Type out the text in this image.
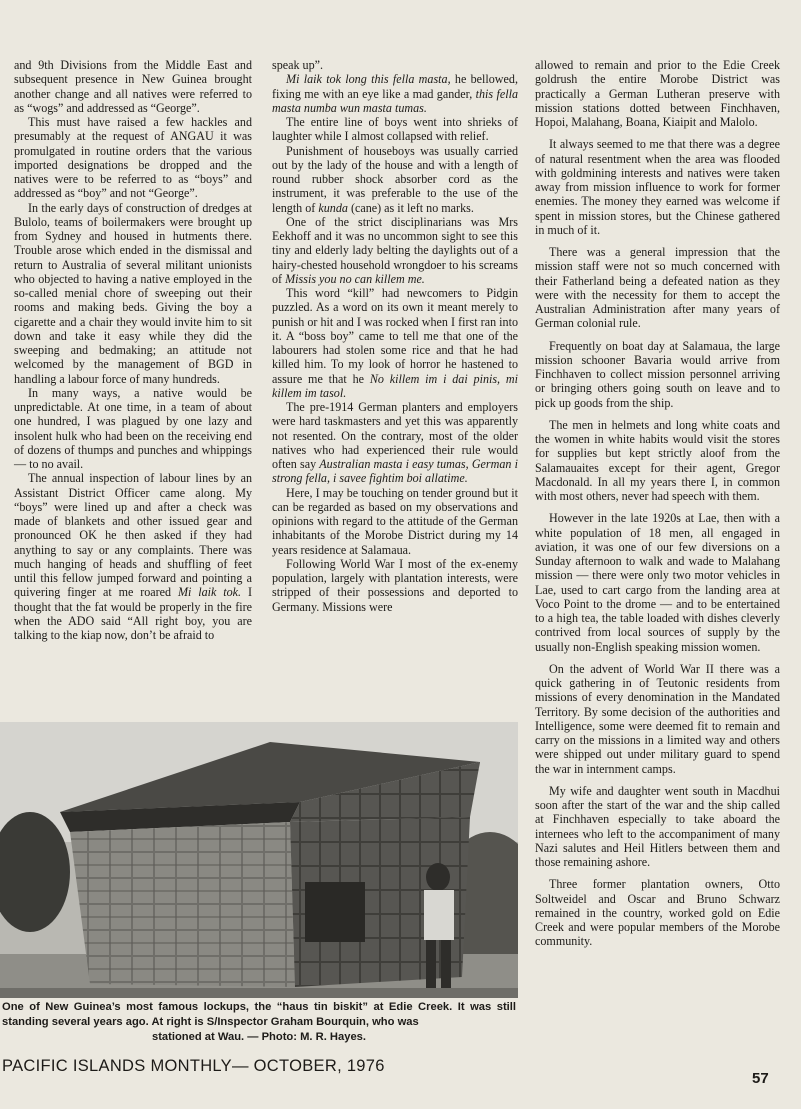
and 9th Divisions from the Middle East and subsequent presence in New Guinea brought another change and all natives were referred to as “wogs” and addressed as “George”.

This must have raised a few hackles and presumably at the request of ANGAU it was promulgated in routine orders that the various imported designations be dropped and the natives were to be referred to as “boys” and addressed as “boy” and not “George”.

In the early days of construction of dredges at Bulolo, teams of boilermakers were brought up from Sydney and housed in hutments there. Trouble arose which ended in the dismissal and return to Australia of several militant unionists who objected to having a native employed in the so-called menial chore of sweeping out their rooms and making beds. Giving the boy a cigarette and a chair they would invite him to sit down and take it easy while they did the sweeping and bedmaking; an attitude not welcomed by the management of BGD in handling a labour force of many hundreds.

In many ways, a native would be unpredictable. At one time, in a team of about one hundred, I was plagued by one lazy and insolent hulk who had been on the receiving end of dozens of thumps and punches and whippings — to no avail.

The annual inspection of labour lines by an Assistant District Officer came along. My “boys” were lined up and after a check was made of blankets and other issued gear and pronounced OK he then asked if they had anything to say or any complaints. There was much hanging of heads and shuffling of feet until this fellow jumped forward and pointing a quivering finger at me roared Mi laik tok. I thought that the fat would be properly in the fire when the ADO said “All right boy, you are talking to the kiap now, don’t be afraid to

speak up”.

Mi laik tok long this fella masta, he bellowed, fixing me with an eye like a mad gander, this fella masta numba wun masta tumas.

The entire line of boys went into shrieks of laughter while I almost collapsed with relief.

Punishment of houseboys was usually carried out by the lady of the house and with a length of round rubber shock absorber cord as the instrument, it was preferable to the use of the length of kunda (cane) as it left no marks.

One of the strict disciplinarians was Mrs Eekhoff and it was no uncommon sight to see this tiny and elderly lady belting the daylights out of a hairy-chested household wrongdoer to his screams of Missis you no can killem me.

This word “kill” had newcomers to Pidgin puzzled. As a word on its own it meant merely to punish or hit and I was rocked when I first ran into it. A “boss boy” came to tell me that one of the labourers had stolen some rice and that he had killed him. To my look of horror he hastened to assure me that he No killem im i dai pinis, mi killem im tasol.

The pre-1914 German planters and employers were hard taskmasters and yet this was apparently not resented. On the contrary, most of the older natives who had experienced their rule would often say Australian masta i easy tumas, German i strong fella, i savee fightim boi allatime.

Here, I may be touching on tender ground but it can be regarded as based on my observations and opinions with regard to the attitude of the German inhabitants of the Morobe District during my 14 years residence at Salamaua.

Following World War I most of the ex-enemy population, largely with plantation interests, were stripped of their possessions and deported to Germany. Missions were

allowed to remain and prior to the Edie Creek goldrush the entire Morobe District was practically a German Lutheran preserve with mission stations dotted between Finchhaven, Hopoi, Malahang, Boana, Kiaipit and Malolo.

It always seemed to me that there was a degree of natural resentment when the area was flooded with goldmining interests and natives were taken away from mission influence to work for former enemies. The money they earned was welcome if spent in mission stores, but the Chinese gathered in much of it.

There was a general impression that the mission staff were not so much concerned with their Fatherland being a defeated nation as they were with the necessity for them to accept the Australian Administration after many years of German colonial rule.

Frequently on boat day at Salamaua, the large mission schooner Bavaria would arrive from Finchhaven to collect mission personnel arriving or bringing others going south on leave and to pick up goods from the ship.

The men in helmets and long white coats and the women in white habits would visit the stores for supplies but kept strictly aloof from the Salamauaites except for their agent, Gregor Macdonald. In all my years there I, in common with most others, never had speech with them.

However in the late 1920s at Lae, then with a white population of 18 men, all engaged in aviation, it was one of our few diversions on a Sunday afternoon to walk and wade to Malahang mission — there were only two motor vehicles in Lae, used to cart cargo from the landing area at Voco Point to the drome — and to be entertained to a high tea, the table loaded with dishes cleverly contrived from local sources of supply by the usually non-English speaking mission women.

On the advent of World War II there was a quick gathering in of Teutonic residents from missions of every denomination in the Mandated Territory. By some decision of the authorities and Intelligence, some were deemed fit to remain and carry on the missions in a limited way and others were shipped out under military guard to spend the war in internment camps.

My wife and daughter went south in Macdhui soon after the start of the war and the ship called at Finchhaven especially to take aboard the internees who left to the accompaniment of many Nazi salutes and Heil Hitlers between them and those remaining ashore.

Three former plantation owners, Otto Soltweidel and Oscar and Bruno Schwarz remained in the country, worked gold on Edie Creek and were popular members of the Morobe community.

One of New Guinea’s most famous lockups, the “haus tin biskit” at Edie Creek. It was still standing several years ago. At right is S/Inspector Graham Bourquin, who was
stationed at Wau. — Photo: M. R. Hayes.
PACIFIC ISLANDS MONTHLY— OCTOBER, 1976
57
